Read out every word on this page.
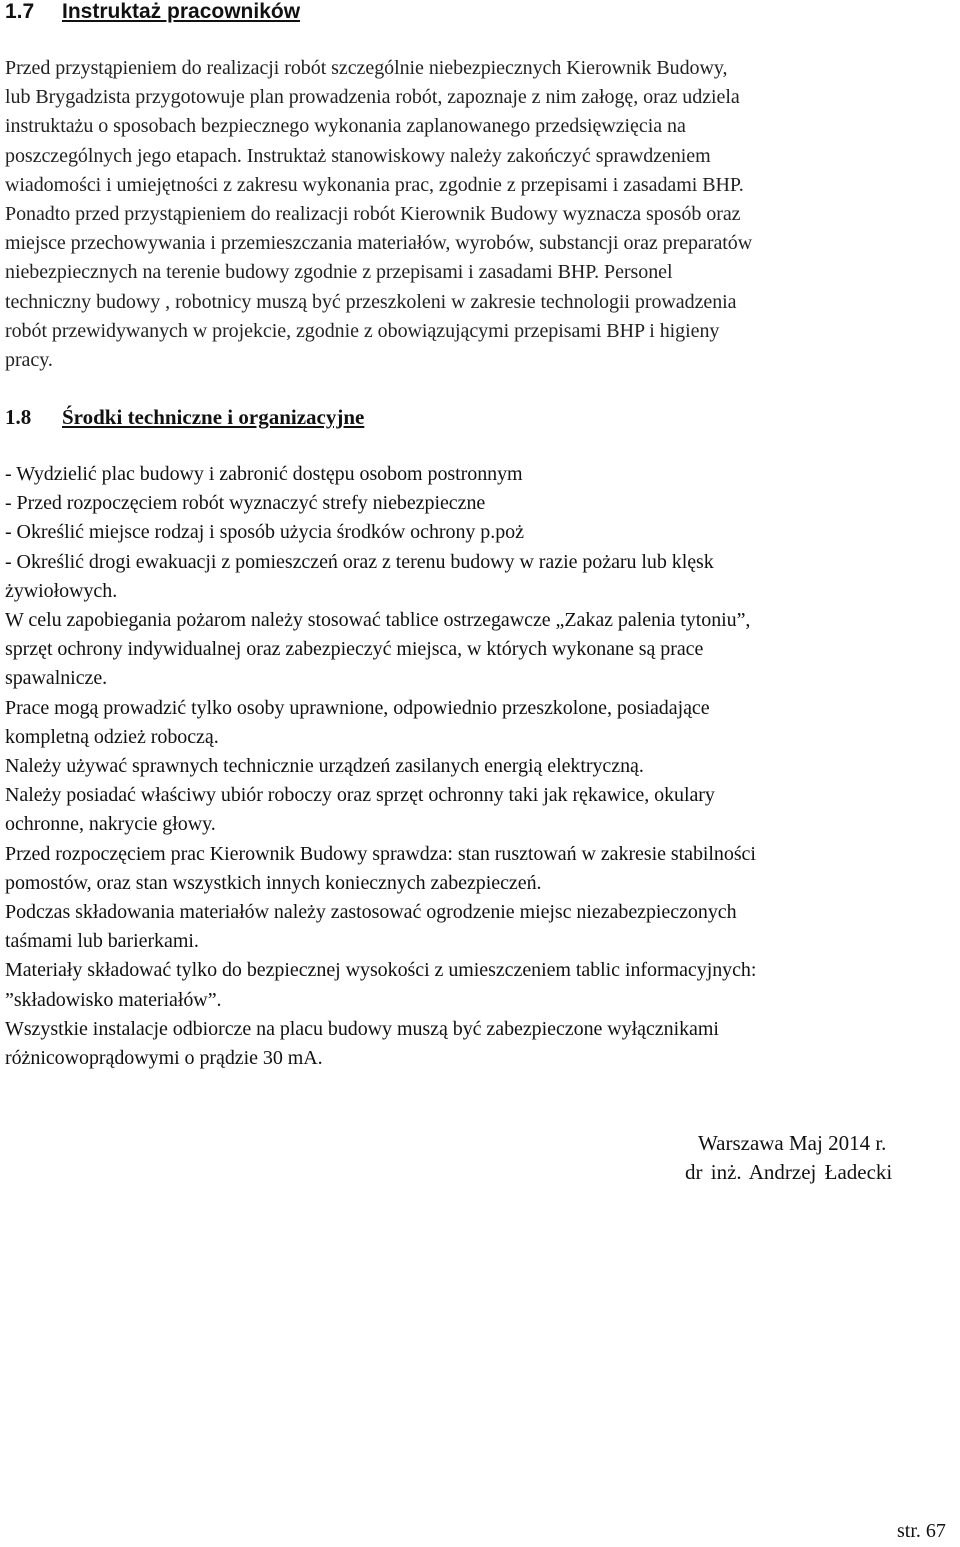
1.7 Instruktaż pracowników
Przed przystąpieniem do realizacji robót szczególnie niebezpiecznych Kierownik Budowy,
lub Brygadzista przygotowuje plan prowadzenia robót, zapoznaje z nim załogę, oraz udziela
instruktażu o sposobach bezpiecznego wykonania zaplanowanego przedsięwzięcia na
poszczególnych jego etapach. Instruktaż stanowiskowy należy zakończyć sprawdzeniem
wiadomości i umiejętności z zakresu wykonania prac, zgodnie z przepisami i zasadami BHP.
Ponadto przed przystąpieniem do realizacji robót Kierownik Budowy wyznacza sposób oraz
miejsce przechowywania i przemieszczania materiałów, wyrobów, substancji oraz preparatów
niebezpiecznych na terenie budowy zgodnie z przepisami i zasadami BHP. Personel
techniczny budowy , robotnicy muszą być przeszkoleni w zakresie technologii prowadzenia
robót przewidywanych w projekcie, zgodnie z obowiązującymi przepisami BHP i higieny
pracy.
1.8 Środki techniczne i organizacyjne
- Wydzielić plac budowy i zabronić dostępu osobom postronnym
- Przed rozpoczęciem robót wyznaczyć strefy niebezpieczne
- Określić miejsce rodzaj i sposób użycia środków ochrony p.poż
- Określić drogi ewakuacji z pomieszczeń oraz z terenu budowy w razie pożaru lub klęsk
żywiołowych.
W celu zapobiegania pożarom należy stosować tablice ostrzegawcze „Zakaz palenia tytoniu”,
sprzęt ochrony indywidualnej oraz zabezpieczyć miejsca, w których wykonane są prace
spawalnicze.
Prace mogą prowadzić tylko osoby uprawnione, odpowiednio przeszkolone, posiadające
kompletną odzież roboczą.
Należy używać sprawnych technicznie urządzeń zasilanych energią elektryczną.
Należy posiadać właściwy ubiór roboczy oraz sprzęt ochronny taki jak rękawice, okulary
ochronne, nakrycie głowy.
Przed rozpoczęciem prac Kierownik Budowy sprawdza: stan rusztowań w zakresie stabilności
pomostów, oraz stan wszystkich innych koniecznych zabezpieczeń.
Podczas składowania materiałów należy zastosować ogrodzenie miejsc niezabezpieczonych
taśmami lub barierkami.
Materiały składować tylko do bezpiecznej wysokości z umieszczeniem tablic informacyjnych:
”składowisko materiałów”.
Wszystkie instalacje odbiorcze na placu budowy muszą być zabezpieczone wyłącznikami
różnicowoprądowymi o prądzie 30 mA.
Warszawa Maj 2014 r.
dr inż. Andrzej Ładecki
str. 67
